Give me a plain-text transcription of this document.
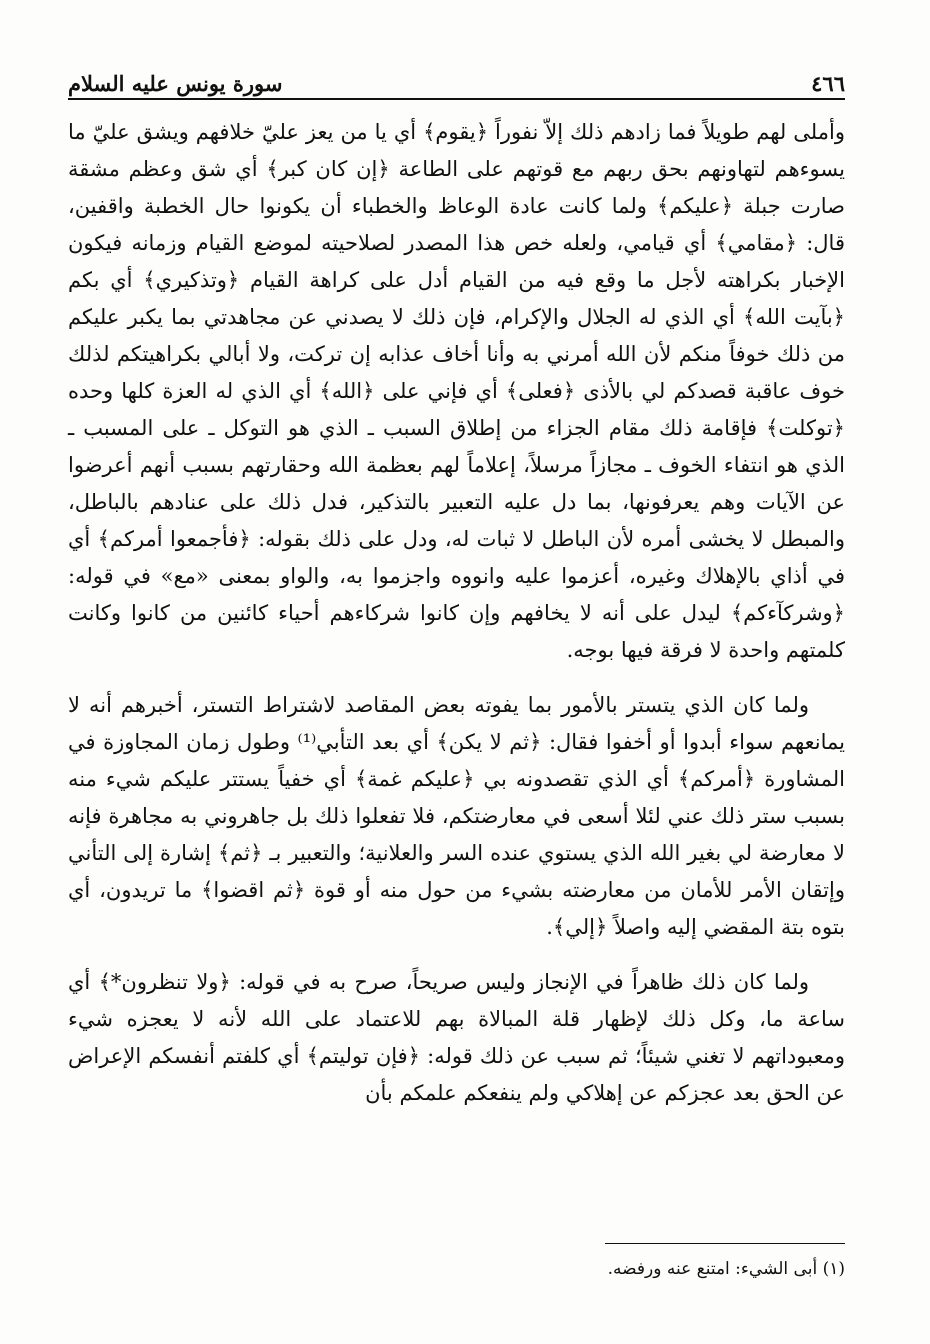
٤٦٦
سورة يونس عليه السلام

وأملى لهم طويلاً فما زادهم ذلك إلاّ نفوراً ﴿يقوم﴾ أي يا من يعز عليّ خلافهم ويشق عليّ ما يسوءهم لتهاونهم بحق ربهم مع قوتهم على الطاعة ﴿إن كان كبر﴾ أي شق وعظم مشقة صارت جبلة ﴿عليكم﴾ ولما كانت عادة الوعاظ والخطباء أن يكونوا حال الخطبة واقفين، قال: ﴿مقامي﴾ أي قيامي، ولعله خص هذا المصدر لصلاحيته لموضع القيام وزمانه فيكون الإخبار بكراهته لأجل ما وقع فيه من القيام أدل على كراهة القيام ﴿وتذكيري﴾ أي بكم ﴿بآيت الله﴾ أي الذي له الجلال والإكرام، فإن ذلك لا يصدني عن مجاهدتي بما يكبر عليكم من ذلك خوفاً منكم لأن الله أمرني به وأنا أخاف عذابه إن تركت، ولا أبالي بكراهيتكم لذلك خوف عاقبة قصدكم لي بالأذى ﴿فعلى﴾ أي فإني على ﴿الله﴾ أي الذي له العزة كلها وحده ﴿توكلت﴾ فإقامة ذلك مقام الجزاء من إطلاق السبب ـ الذي هو التوكل ـ على المسبب ـ الذي هو انتفاء الخوف ـ مجازاً مرسلاً، إعلاماً لهم بعظمة الله وحقارتهم بسبب أنهم أعرضوا عن الآيات وهم يعرفونها، بما دل عليه التعبير بالتذكير، فدل ذلك على عنادهم بالباطل، والمبطل لا يخشى أمره لأن الباطل لا ثبات له، ودل على ذلك بقوله: ﴿فأجمعوا أمركم﴾ أي في أذاي بالإهلاك وغيره، أعزموا عليه وانووه واجزموا به، والواو بمعنى «مع» في قوله: ﴿وشركآءكم﴾ ليدل على أنه لا يخافهم وإن كانوا شركاءهم أحياء كائنين من كانوا وكانت كلمتهم واحدة لا فرقة فيها بوجه.

ولما كان الذي يتستر بالأمور بما يفوته بعض المقاصد لاشتراط التستر، أخبرهم أنه لا يمانعهم سواء أبدوا أو أخفوا فقال: ﴿ثم لا يكن﴾ أي بعد التأبي⁽¹⁾ وطول زمان المجاوزة في المشاورة ﴿أمركم﴾ أي الذي تقصدونه بي ﴿عليكم غمة﴾ أي خفياً يستتر عليكم شيء منه بسبب ستر ذلك عني لئلا أسعى في معارضتكم، فلا تفعلوا ذلك بل جاهروني به مجاهرة فإنه لا معارضة لي بغير الله الذي يستوي عنده السر والعلانية؛ والتعبير بـ ﴿ثم﴾ إشارة إلى التأني وإتقان الأمر للأمان من معارضته بشيء من حول منه أو قوة ﴿ثم اقضوا﴾ ما تريدون، أي بتوه بتة المقضي إليه واصلاً ﴿إلي﴾.

ولما كان ذلك ظاهراً في الإنجاز وليس صريحاً، صرح به في قوله: ﴿ولا تنظرون*﴾ أي ساعة ما، وكل ذلك لإظهار قلة المبالاة بهم للاعتماد على الله لأنه لا يعجزه شيء ومعبوداتهم لا تغني شيئاً؛ ثم سبب عن ذلك قوله: ﴿فإن توليتم﴾ أي كلفتم أنفسكم الإعراض عن الحق بعد عجزكم عن إهلاكي ولم ينفعكم علمكم بأن

(١) أبى الشيء: امتنع عنه ورفضه.
